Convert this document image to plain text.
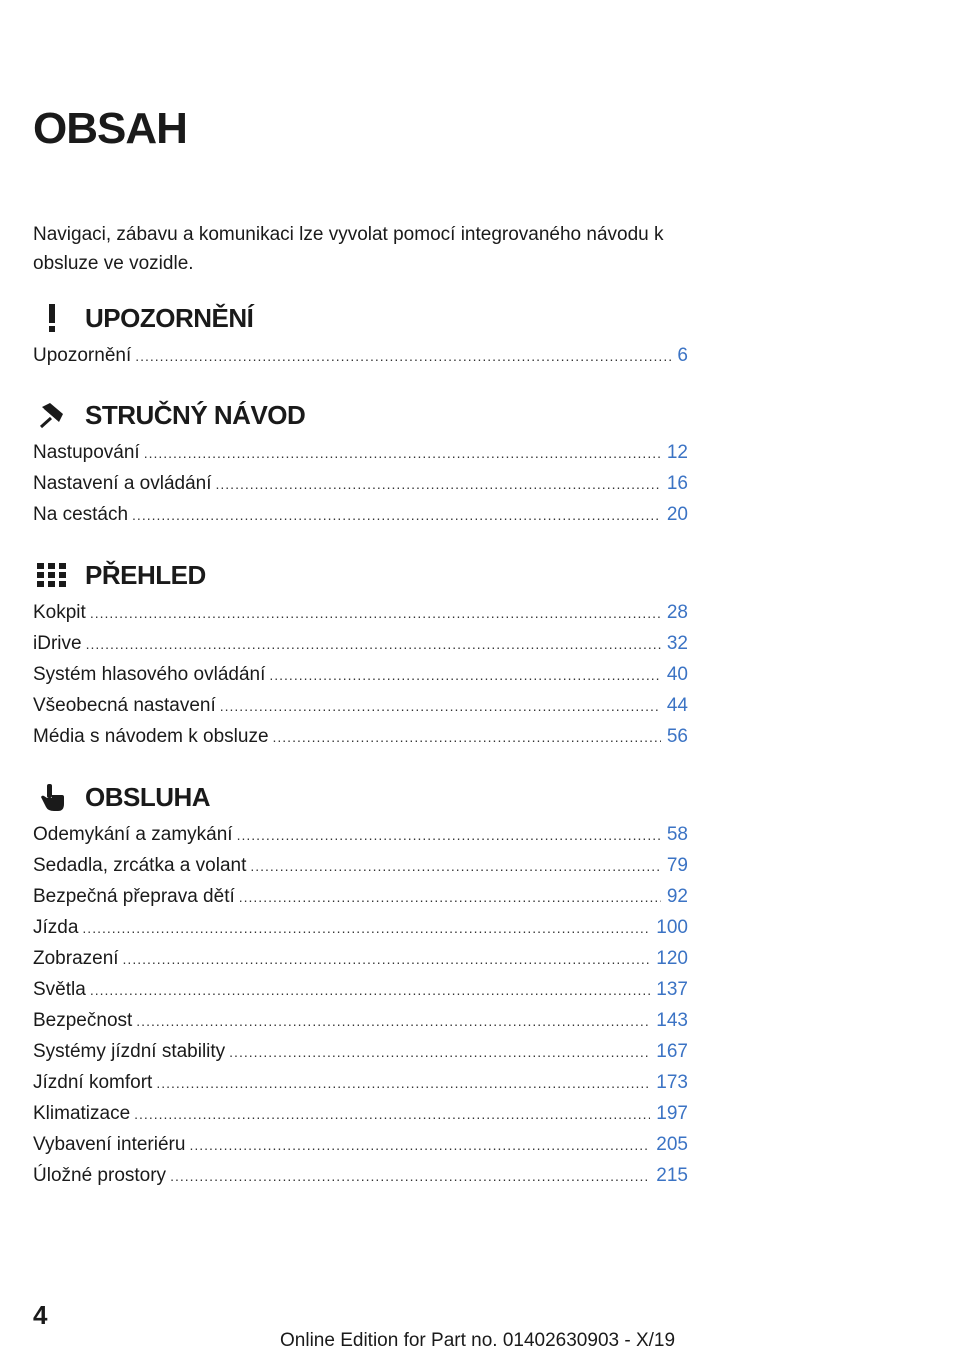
OBSAH

Navigaci, zábavu a komunikaci lze vyvolat pomocí integrovaného návodu k obsluze ve vozidle.

UPOZORNĚNÍ
Upozornění .....	6
STRUČNÝ NÁVOD
Nastupování .....	12
Nastavení a ovládání .....	16
Na cestách .....	20
PŘEHLED
Kokpit .....	28
iDrive .....	32
Systém hlasového ovládání .....	40
Všeobecná nastavení .....	44
Média s návodem k obsluze .....	56
OBSLUHA
Odemykání a zamykání .....	58
Sedadla, zrcátka a volant .....	79
Bezpečná přeprava dětí .....	92
Jízda .....	100
Zobrazení .....	120
Světla .....	137
Bezpečnost .....	143
Systémy jízdní stability .....	167
Jízdní komfort .....	173
Klimatizace .....	197
Vybavení interiéru .....	205
Úložné prostory .....	215

4

Online Edition for Part no. 01402630903 - X/19
